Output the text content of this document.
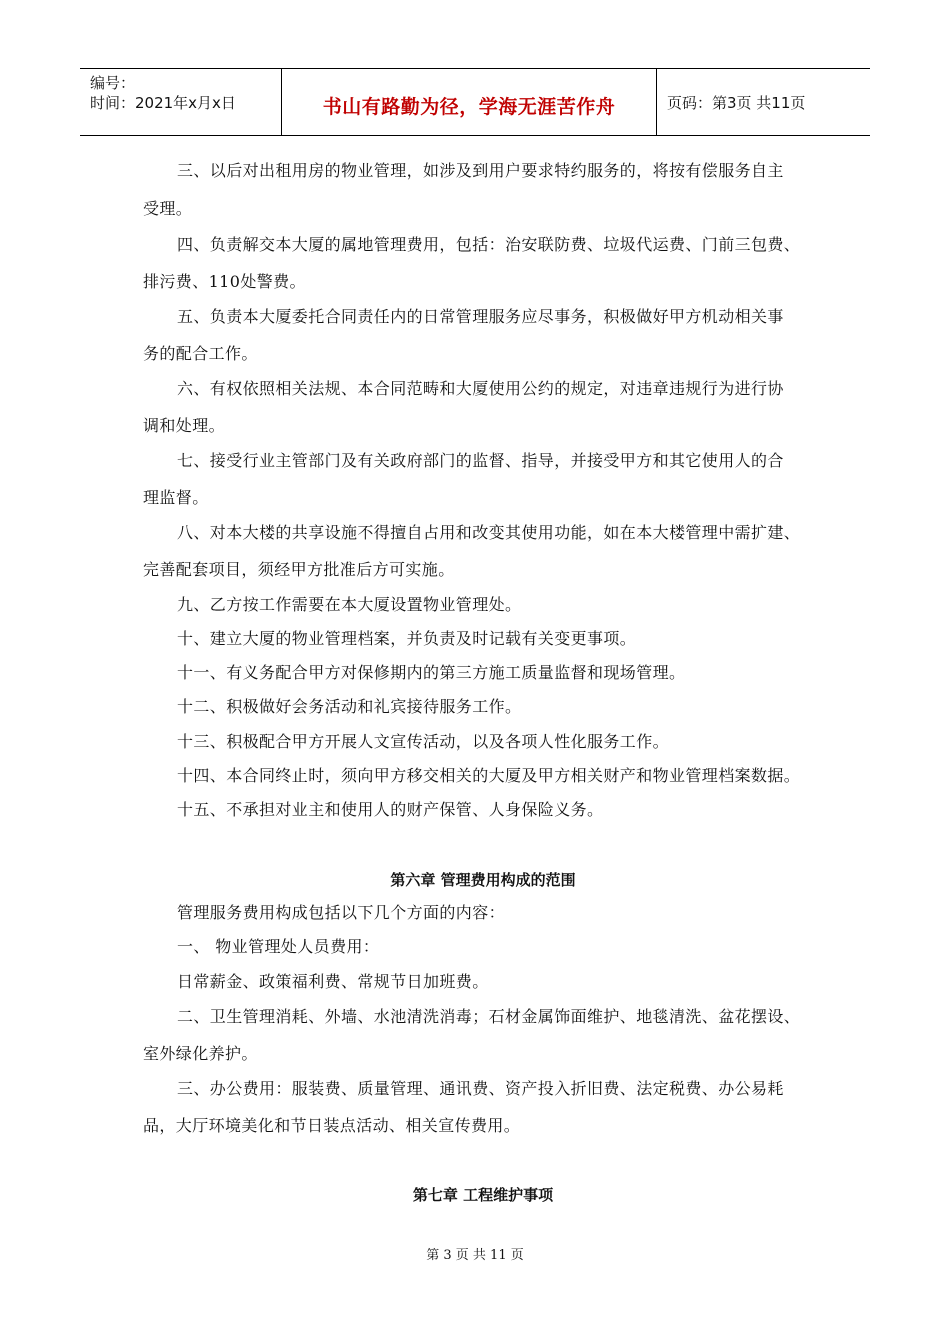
编号：
时间：2021年x月x日	书山有路勤为径，学海无涯苦作舟	页码：第3页 共11页
三、以后对出租用房的物业管理，如涉及到用户要求特约服务的，将按有偿服务自主
受理。
四、负责解交本大厦的属地管理费用，包括：治安联防费、垃圾代运费、门前三包费、
排污费、110处警费。
五、负责本大厦委托合同责任内的日常管理服务应尽事务，积极做好甲方机动相关事
务的配合工作。
六、有权依照相关法规、本合同范畴和大厦使用公约的规定，对违章违规行为进行协
调和处理。
七、接受行业主管部门及有关政府部门的监督、指导，并接受甲方和其它使用人的合
理监督。
八、对本大楼的共享设施不得擅自占用和改变其使用功能，如在本大楼管理中需扩建、
完善配套项目，须经甲方批准后方可实施。
九、乙方按工作需要在本大厦设置物业管理处。
十、建立大厦的物业管理档案，并负责及时记载有关变更事项。
十一、有义务配合甲方对保修期内的第三方施工质量监督和现场管理。
十二、积极做好会务活动和礼宾接待服务工作。
十三、积极配合甲方开展人文宣传活动，以及各项人性化服务工作。
十四、本合同终止时，须向甲方移交相关的大厦及甲方相关财产和物业管理档案数据。
十五、不承担对业主和使用人的财产保管、人身保险义务。
第六章 管理费用构成的范围
管理服务费用构成包括以下几个方面的内容：
一、 物业管理处人员费用：
日常薪金、政策福利费、常规节日加班费。
二、卫生管理消耗、外墙、水池清洗消毒；石材金属饰面维护、地毯清洗、盆花摆设、
室外绿化养护。
三、办公费用：服装费、质量管理、通讯费、资产投入折旧费、法定税费、办公易耗
品，大厅环境美化和节日装点活动、相关宣传费用。
第七章 工程维护事项
第 3 页 共 11 页
